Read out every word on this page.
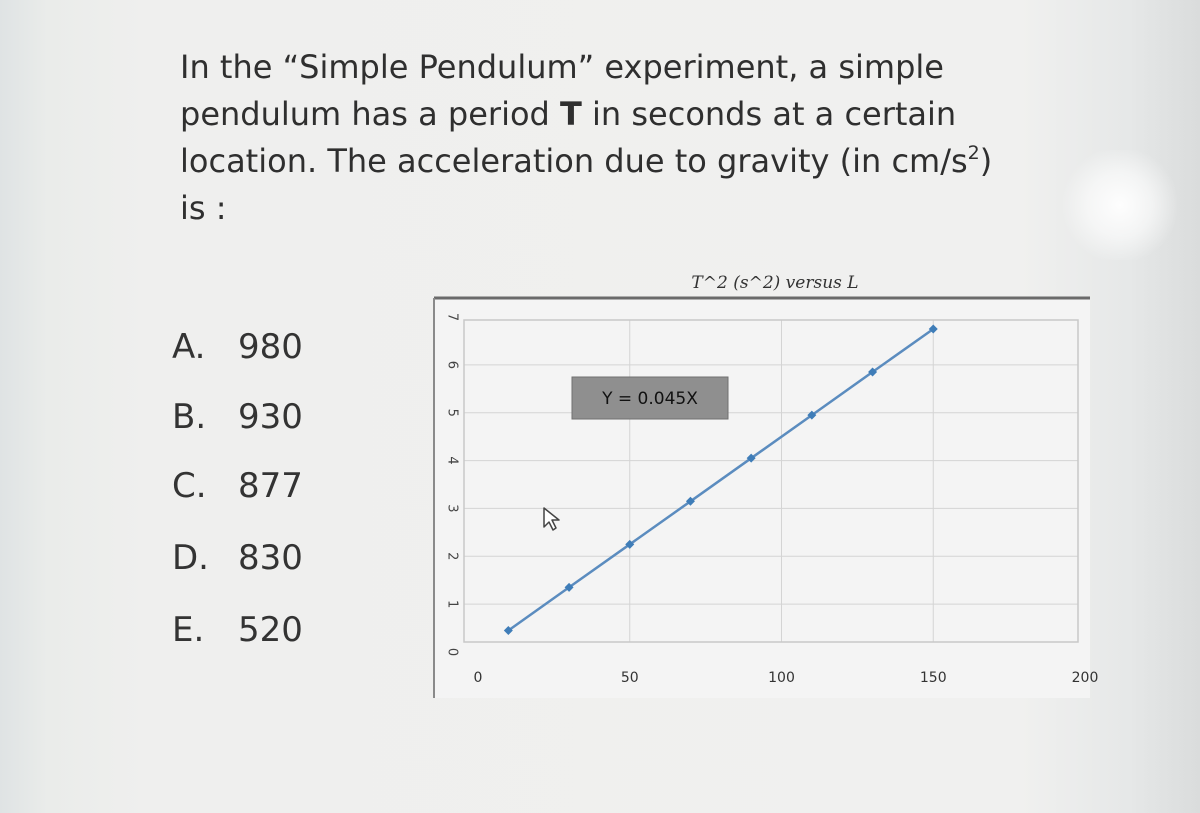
In the “Simple Pendulum” experiment, a simple
pendulum has a period T in seconds at a certain
location. The acceleration due to gravity (in $cm/s^2$)
is :
A. 980
B. 930
C. 877
D. 830
E. 520
0
1
2
3
4
5
6
7
0	50	100	150	200
T^2 (s^2) versus L
Y = 0.045X
